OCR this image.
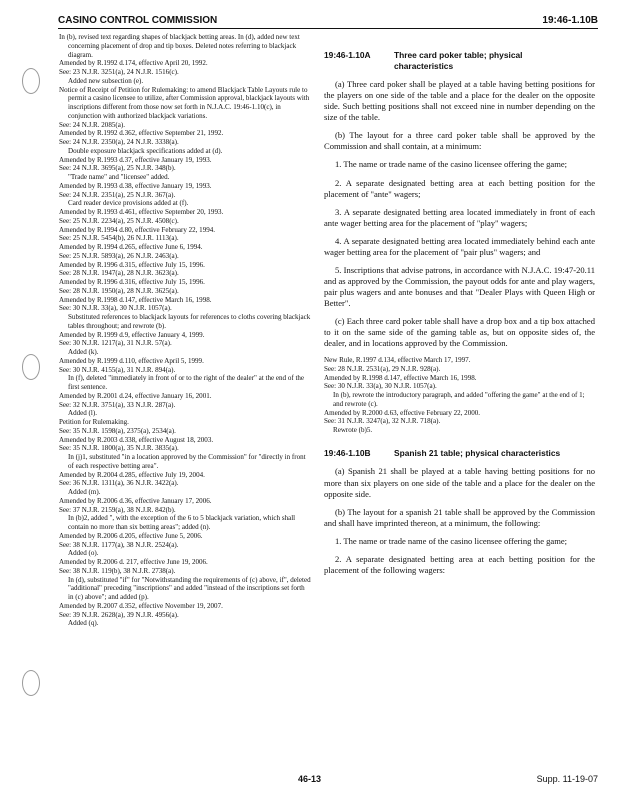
CASINO CONTROL COMMISSION	19:46-1.10B

In (b), revised text regarding shapes of blackjack betting areas. In (d), added new text concerning placement of drop and tip boxes. Deleted notes referring to blackjack diagram.

Amended by R.1992 d.174, effective April 20, 1992.

See: 23 N.J.R. 3251(a), 24 N.J.R. 1516(c).

Added new subsection (e).

Notice of Receipt of Petition for Rulemaking: to amend Blackjack Table Layouts rule to permit a casino licensee to utilize, after Commission approval, blackjack layouts with inscriptions different from those now set forth in N.J.A.C. 19:46-1.10(c), in conjunction with authorized blackjack variations.

See: 24 N.J.R. 2085(a).

Amended by R.1992 d.362, effective September 21, 1992.

See: 24 N.J.R. 2350(a), 24 N.J.R. 3338(a).

Double exposure blackjack specifications added at (d).

Amended by R.1993 d.37, effective January 19, 1993.

See: 24 N.J.R. 3695(a), 25 N.J.R. 348(b).

"Trade name" and "licensee" added.

Amended by R.1993 d.38, effective January 19, 1993.

See: 24 N.J.R. 2351(a), 25 N.J.R. 367(a).

Card reader device provisions added at (f).

Amended by R.1993 d.461, effective September 20, 1993.

See: 25 N.J.R. 2234(a), 25 N.J.R. 4508(c).

Amended by R.1994 d.80, effective February 22, 1994.

See: 25 N.J.R. 5454(b), 26 N.J.R. 1113(a).

Amended by R.1994 d.265, effective June 6, 1994.

See: 25 N.J.R. 5893(a), 26 N.J.R. 2463(a).

Amended by R.1996 d.315, effective July 15, 1996.

See: 28 N.J.R. 1947(a), 28 N.J.R. 3623(a).

Amended by R.1996 d.316, effective July 15, 1996.

See: 28 N.J.R. 1950(a), 28 N.J.R. 3625(a).

Amended by R.1998 d.147, effective March 16, 1998.

See: 30 N.J.R. 33(a), 30 N.J.R. 1057(a).

Substituted references to blackjack layouts for references to cloths covering blackjack tables throughout; and rewrote (b).

Amended by R.1999 d.9, effective January 4, 1999.

See: 30 N.J.R. 1217(a), 31 N.J.R. 57(a).

Added (k).

Amended by R.1999 d.110, effective April 5, 1999.

See: 30 N.J.R. 4155(a), 31 N.J.R. 894(a).

In (f), deleted "immediately in front of or to the right of the dealer" at the end of the first sentence.

Amended by R.2001 d.24, effective January 16, 2001.

See: 32 N.J.R. 3751(a), 33 N.J.R. 287(a).

Added (l).

Petition for Rulemaking.

See: 35 N.J.R. 1598(a), 2375(a), 2534(a).

Amended by R.2003 d.338, effective August 18, 2003.

See: 35 N.J.R. 1800(a), 35 N.J.R. 3835(a).

In (j)1, substituted "in a location approved by the Commission" for "directly in front of each respective betting area".

Amended by R.2004 d.285, effective July 19, 2004.

See: 36 N.J.R. 1311(a), 36 N.J.R. 3422(a).

Added (m).

Amended by R.2006 d.36, effective January 17, 2006.

See: 37 N.J.R. 2159(a), 38 N.J.R. 842(b).

In (b)2, added ", with the exception of the 6 to 5 blackjack variation, which shall contain no more than six betting areas"; added (n).

Amended by R.2006 d.205, effective June 5, 2006.

See: 38 N.J.R. 1177(a), 38 N.J.R. 2524(a).

Added (o).

Amended by R.2006 d. 217, effective June 19, 2006.

See: 38 N.J.R. 119(b), 38 N.J.R. 2738(a).

In (d), substituted "if" for "Notwithstanding the requirements of (c) above, if", deleted "additional" preceding "inscriptions" and added "instead of the inscriptions set forth in (c) above"; and added (p).

Amended by R.2007 d.352, effective November 19, 2007.

See: 39 N.J.R. 2628(a), 39 N.J.R. 4956(a).

Added (q).

19:46-1.10A	Three card poker table; physical
characteristics

(a) Three card poker shall be played at a table having betting positions for the players on one side of the table and a place for the dealer on the opposite side. Such betting positions shall not exceed nine in number depending on the size of the table.

(b) The layout for a three card poker table shall be approved by the Commission and shall contain, at a minimum:

1. The name or trade name of the casino licensee offering the game;

2. A separate designated betting area at each betting position for the placement of "ante" wagers;

3. A separate designated betting area located immediately in front of each ante wager betting area for the placement of "play" wagers;

4. A separate designated betting area located immediately behind each ante wager betting area for the placement of "pair plus" wagers; and

5. Inscriptions that advise patrons, in accordance with N.J.A.C. 19:47-20.11 and as approved by the Commission, the payout odds for ante and play wagers, pair plus wagers and ante bonuses and that "Dealer Plays with Queen High or Better".

(c) Each three card poker table shall have a drop box and a tip box attached to it on the same side of the gaming table as, but on opposite sides of, the dealer, and in locations approved by the Commission.

New Rule, R.1997 d.134, effective March 17, 1997.

See: 28 N.J.R. 2531(a), 29 N.J.R. 928(a).

Amended by R.1998 d.147, effective March 16, 1998.

See: 30 N.J.R. 33(a), 30 N.J.R. 1057(a).

In (b), rewrote the introductory paragraph, and added "offering the game" at the end of 1; and rewrote (c).

Amended by R.2000 d.63, effective February 22, 2000.

See: 31 N.J.R. 3247(a), 32 N.J.R. 718(a).

Rewrote (b)5.

19:46-1.10B	Spanish 21 table; physical characteristics

(a) Spanish 21 shall be played at a table having betting positions for no more than six players on one side of the table and a place for the dealer on the opposite side.

(b) The layout for a spanish 21 table shall be approved by the Commission and shall have imprinted thereon, at a minimum, the following:

1. The name or trade name of the casino licensee offering the game;

2. A separate designated betting area at each betting position for the placement of the following wagers:

46-13	Supp. 11-19-07
